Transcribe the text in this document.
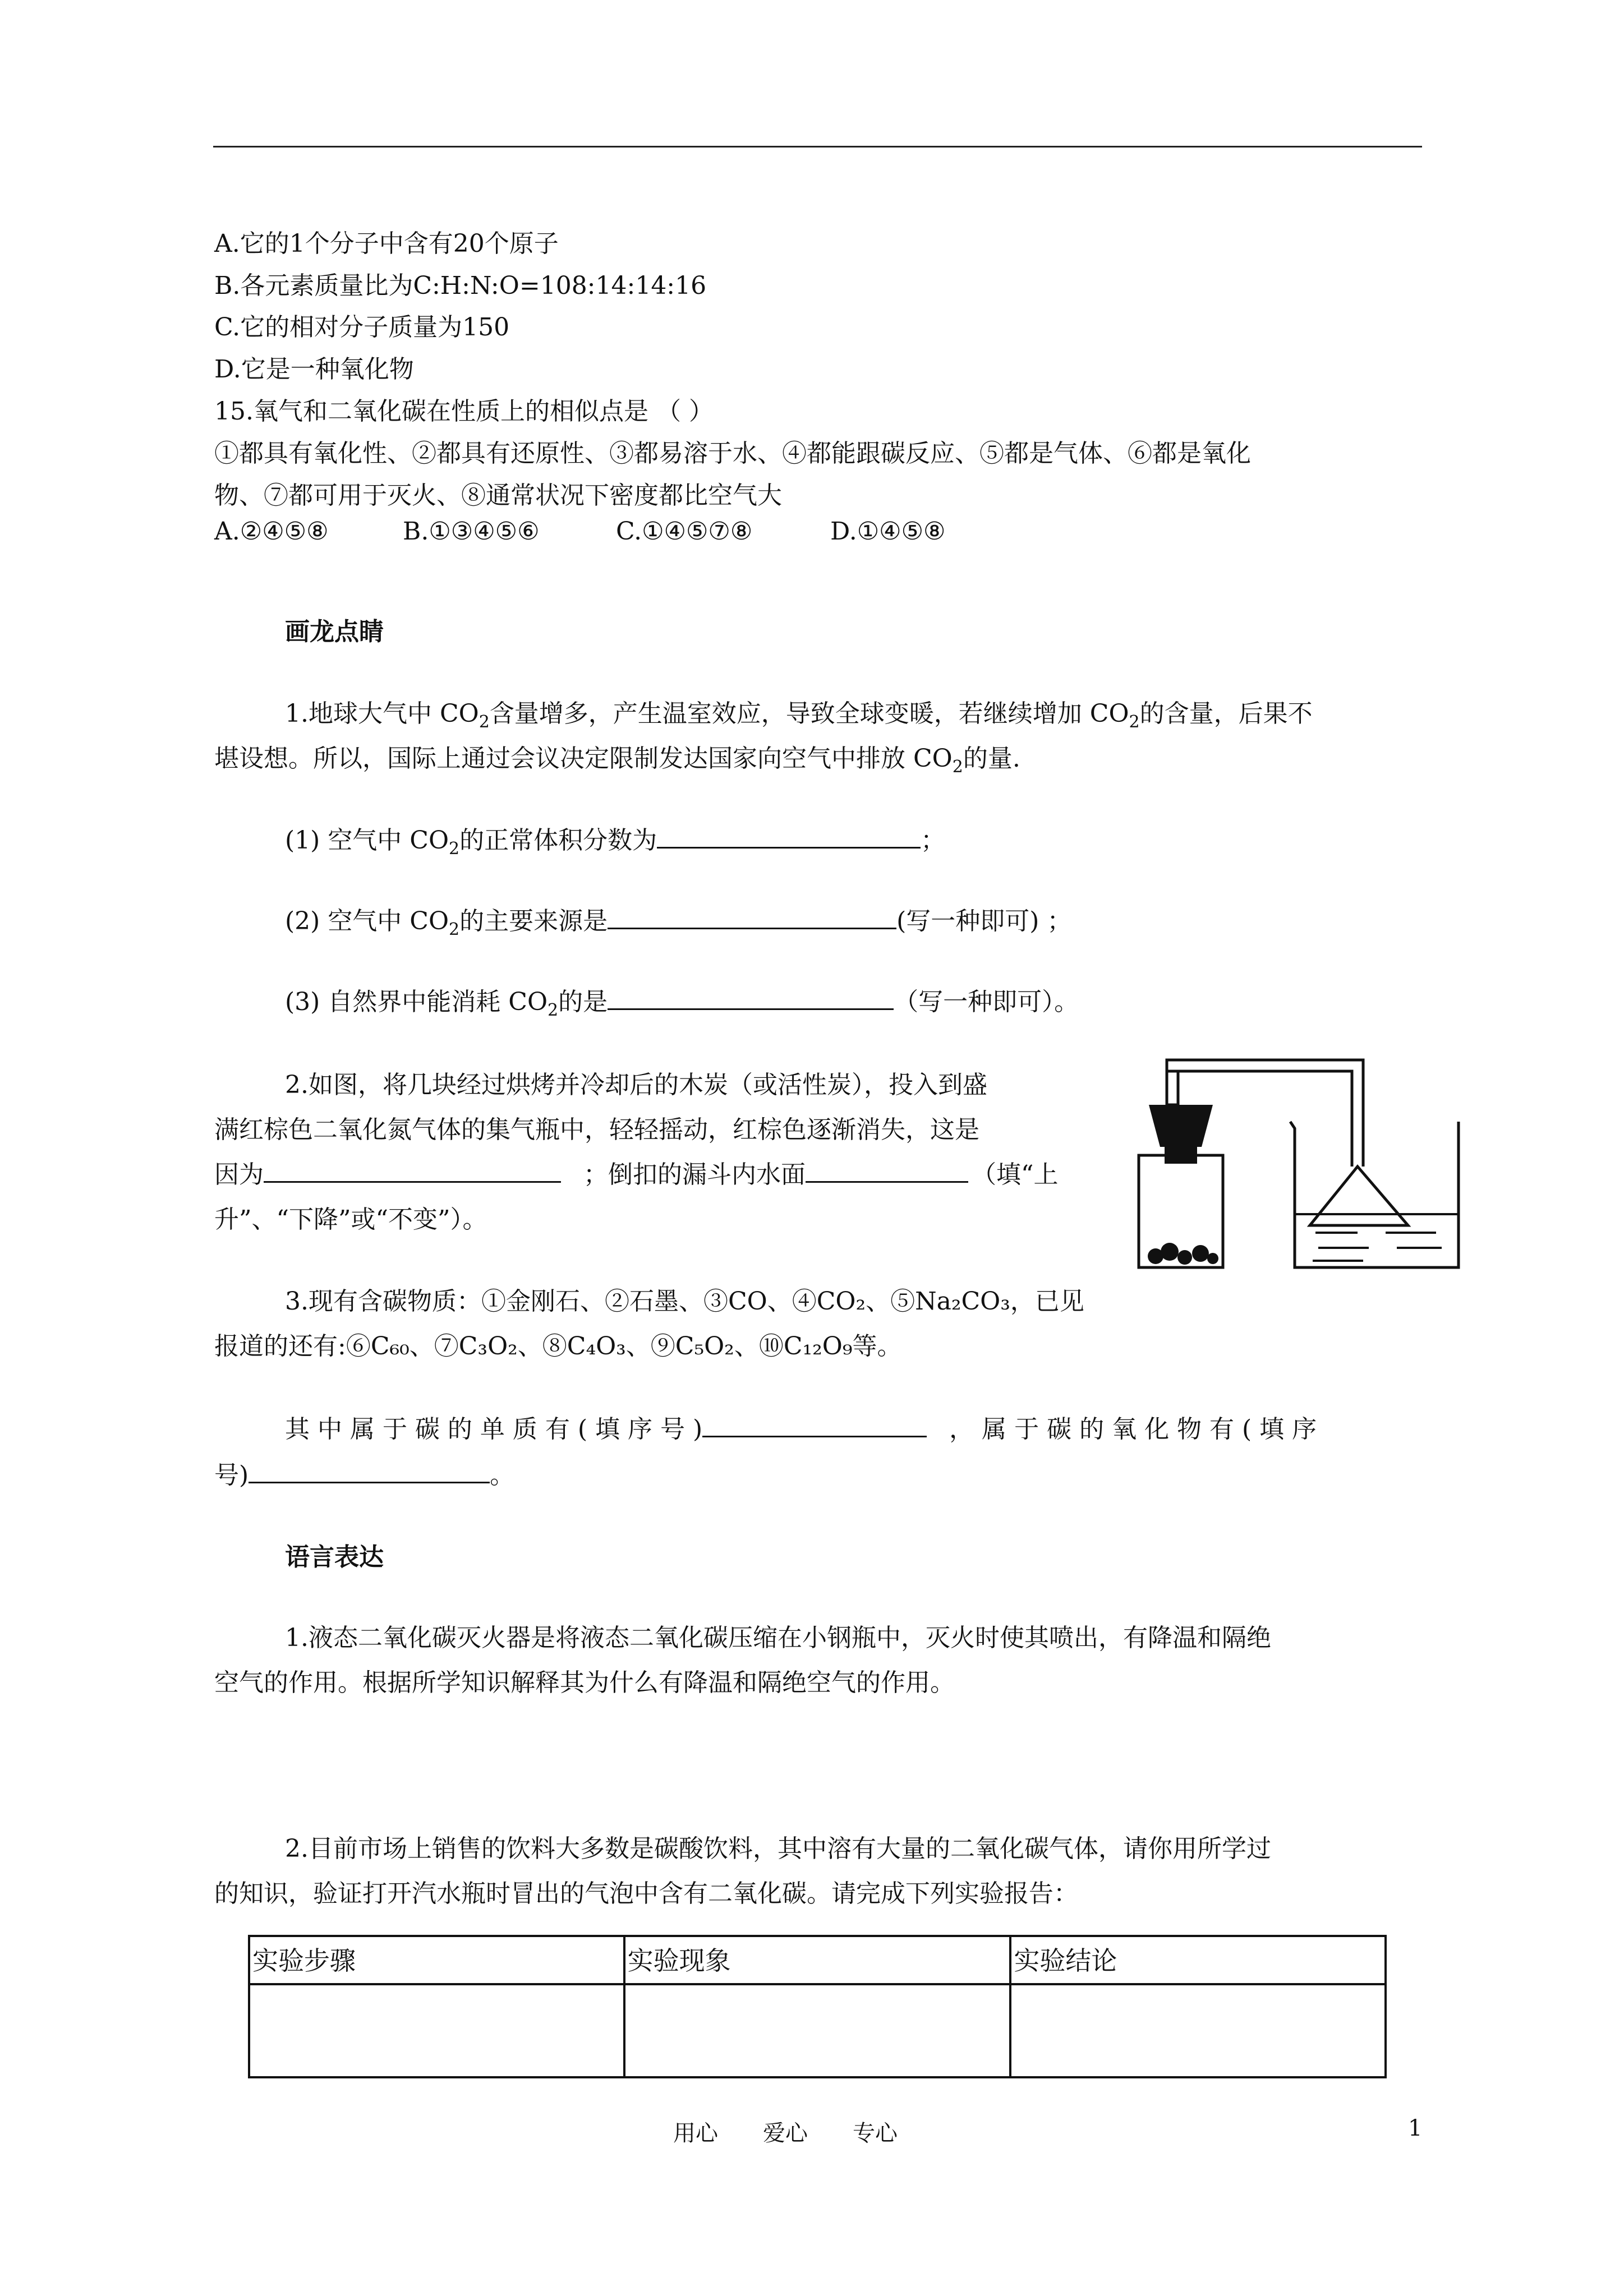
A.它的1个分子中含有20个原子

B.各元素质量比为C:H:N:O=108:14:14:16

C.它的相对分子质量为150

D.它是一种氧化物

15.氧气和二氧化碳在性质上的相似点是 （ ）

①都具有氧化性、②都具有还原性、③都易溶于水、④都能跟碳反应、⑤都是气体、⑥都是氧化

物、⑦都可用于灭火、⑧通常状况下密度都比空气大

A.②④⑤⑧	B.①③④⑤⑥	C.①④⑤⑦⑧	D.①④⑤⑧

画龙点睛

1.地球大气中 $CO_2$含量增多，产生温室效应，导致全球变暖，若继续增加 $CO_2$的含量，后果不

堪设想。所以，国际上通过会议决定限制发达国家向空气中排放 $CO_2$的量.

(1) 空气中 $CO_2$的正常体积分数为	；

(2) 空气中 $CO_2$的主要来源是	(写一种即可) ；

(3) 自然界中能消耗 $CO_2$的是	（写一种即可）。

2.如图，将几块经过烘烤并冷却后的木炭（或活性炭），投入到盛

满红棕色二氧化氮气体的集气瓶中，轻轻摇动，红棕色逐渐消失，这是

因为	；倒扣的漏斗内水面	（填“上

升”、“下降”或“不变”）。

3.现有含碳物质：①金刚石、②石墨、③CO、④CO₂、⑤Na₂CO₃，已见

报道的还有:⑥C₆₀、⑦C₃O₂、⑧C₄O₃、⑨C₅O₂、⑩C₁₂O₉等。

其 中 属 于 碳 的 单 质 有 ( 填 序 号 )	， 属 于 碳 的 氧 化 物 有 ( 填 序

号)	。

语言表达

1.液态二氧化碳灭火器是将液态二氧化碳压缩在小钢瓶中，灭火时使其喷出，有降温和隔绝

空气的作用。根据所学知识解释其为什么有降温和隔绝空气的作用。

2.目前市场上销售的饮料大多数是碳酸饮料，其中溶有大量的二氧化碳气体，请你用所学过

的知识，验证打开汽水瓶时冒出的气泡中含有二氧化碳。请完成下列实验报告：

实验步骤	实验现象	实验结论

用心　　爱心　　专心	1
